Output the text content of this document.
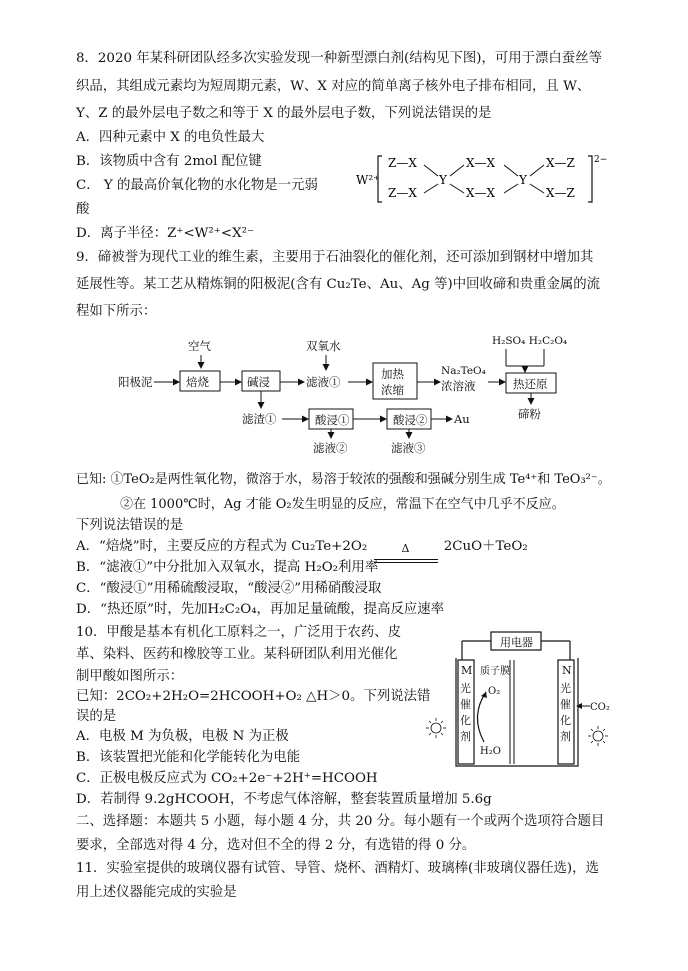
8．2020 年某科研团队经多次实验发现一种新型漂白剂(结构见下图)，可用于漂白蚕丝等
织品，其组成元素均为短周期元素，W、X 对应的简单离子核外电子排布相同，且 W、
Y、Z 的最外层电子数之和等于 X 的最外层电子数，下列说法错误的是
A．四种元素中 X 的电负性最大
B．该物质中含有 2mol 配位键
C． Y 的最高价氧化物的水化物是一元弱
酸
D．离子半径：Z⁺<W²⁺<X²⁻
W²⁺
Z—X
Z—X
Y
X—X
X—X
Y
X—Z
X—Z
2−
9．碲被誉为现代工业的维生素，主要用于石油裂化的催化剂，还可添加到钢材中增加其
延展性等。某工艺从精炼铜的阳极泥(含有 Cu₂Te、Au、Ag 等)中回收碲和贵重金属的流
程如下所示：
空气
阳极泥	焙烧	碱浸
双氧水
滤液①
加热
浓缩
Na₂TeO₄
浓溶液
H₂SO₄ H₂C₂O₄
热还原
碲粉
滤渣①	酸浸①	酸浸② Au
滤液②	滤液③
已知: ①TeO₂是两性氧化物，微溶于水，易溶于较浓的强酸和强碱分别生成 Te⁴⁺和 TeO₃²⁻。
②在 1000℃时，Ag 才能 O₂发生明显的反应，常温下在空气中几乎不反应。
下列说法错误的是
A．“焙烧”时，主要反应的方程式为 Cu₂Te+2O₂	Δ	2CuO＋TeO₂
B．“滤液①”中分批加入双氧水，提高 H₂O₂利用率
C．“酸浸①”用稀硫酸浸取，“酸浸②”用稀硝酸浸取
D．“热还原”时，先加H₂C₂O₄，再加足量硫酸，提高反应速率
10．甲酸是基本有机化工原料之一，广泛用于农药、皮
革、染料、医药和橡胶等工业。某科研团队利用光催化
制甲酸如图所示：
已知：2CO₂+2H₂O=2HCOOH+O₂ △H＞0。下列说法错
误的是
A．电极 M 为负极，电极 N 为正极
B．该装置把光能和化学能转化为电能
C．正极电极反应式为 CO₂+2e⁻+2H⁺=HCOOH
D．若制得 9.2gHCOOH，不考虑气体溶解，整套装置质量增加 5.6g
用电器
质子膜
M
光
催
化
剂
N
光
催
化
剂
O₂
H₂O
CO₂
二、选择题：本题共 5 小题，每小题 4 分，共 20 分。每小题有一个或两个选项符合题目
要求，全部选对得 4 分，选对但不全的得 2 分，有选错的得 0 分。
11．实验室提供的玻璃仪器有试管、导管、烧杯、酒精灯、玻璃棒(非玻璃仪器任选)，选
用上述仪器能完成的实验是
